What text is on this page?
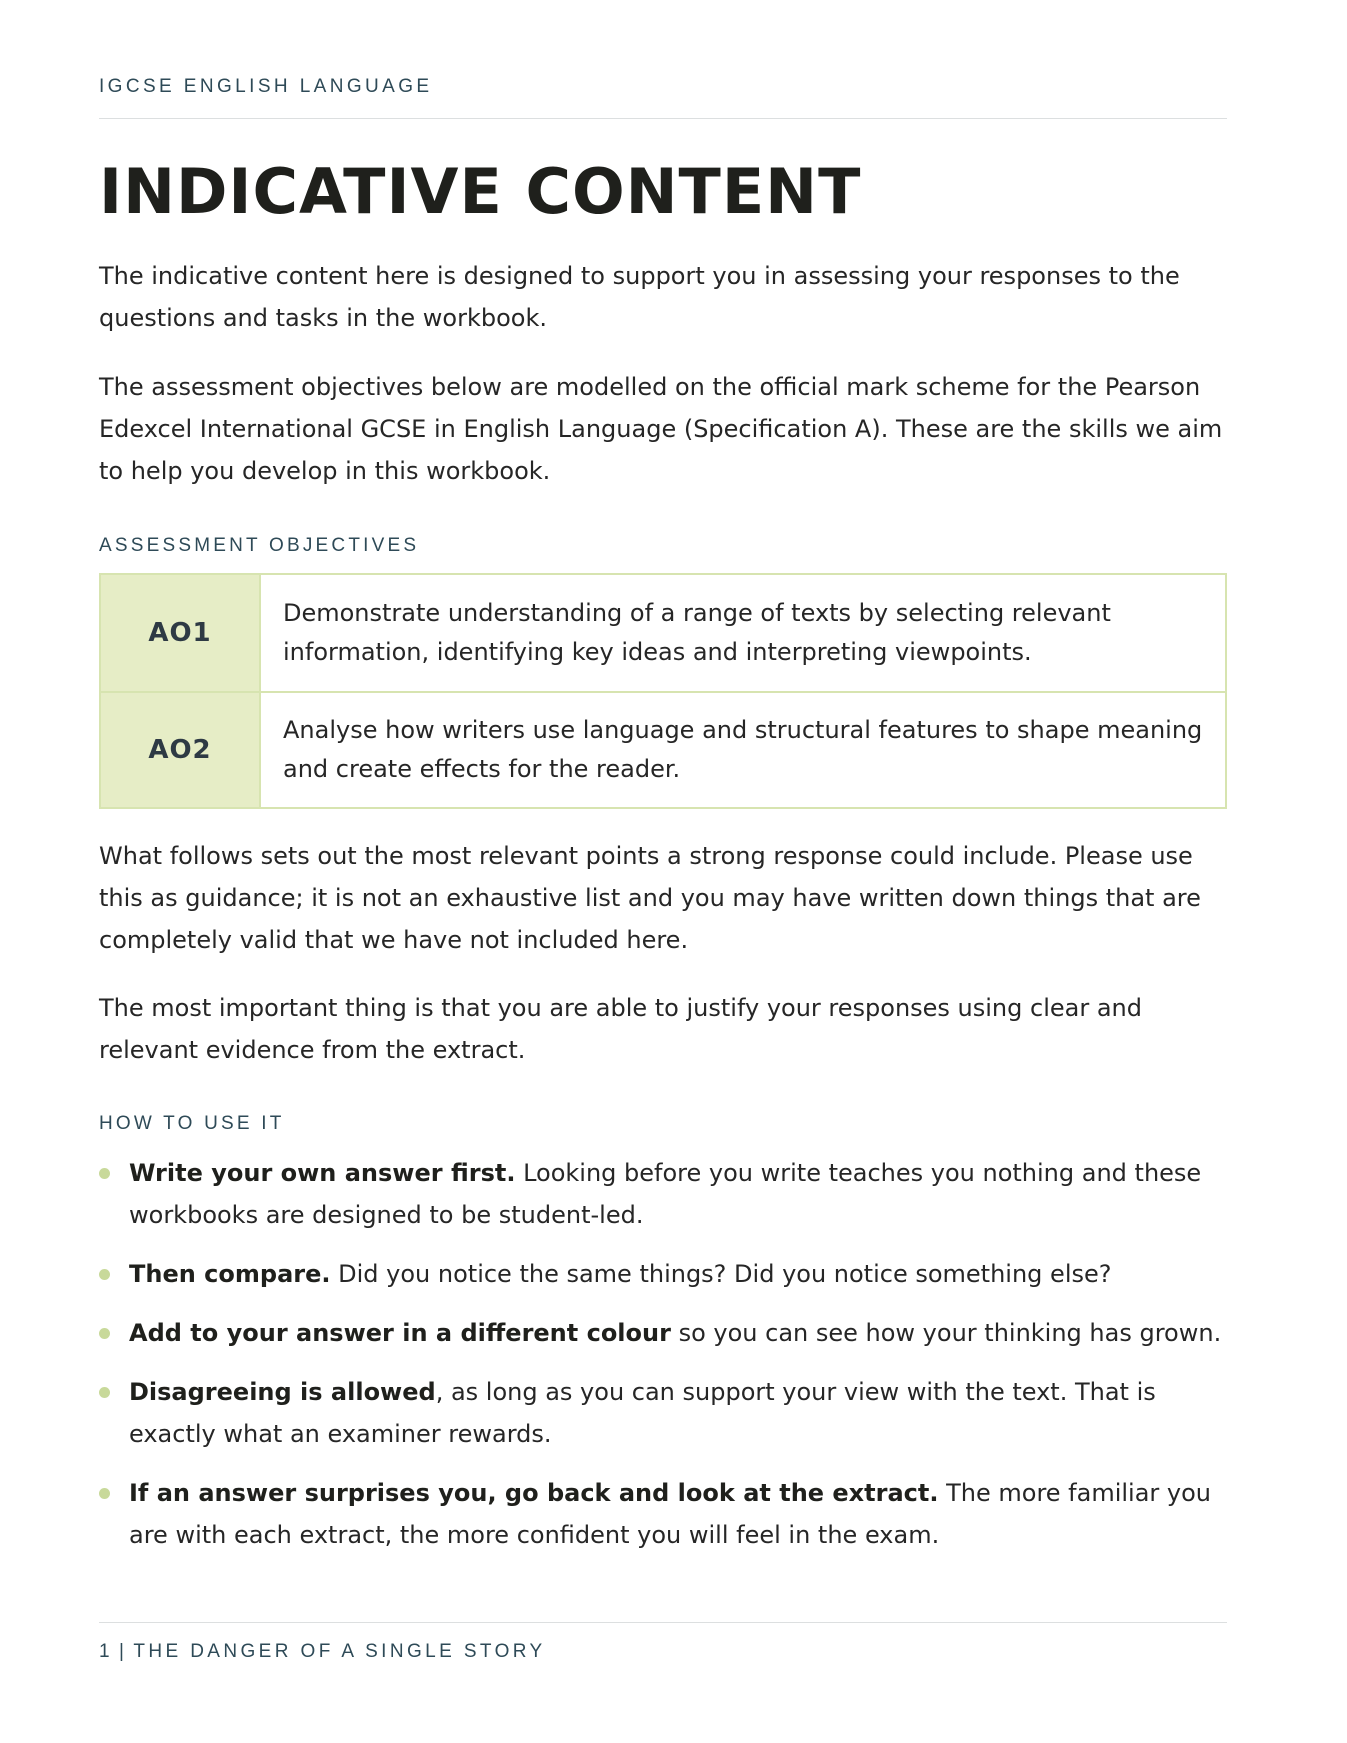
IGCSE ENGLISH LANGUAGE
INDICATIVE CONTENT

The indicative content here is designed to support you in assessing your responses to the questions and tasks in the workbook.

The assessment objectives below are modelled on the official mark scheme for the Pearson Edexcel International GCSE in English Language (Specification A). These are the skills we aim to help you develop in this workbook.

ASSESSMENT OBJECTIVES
AO1
Demonstrate understanding of a range of texts by selecting relevant information, identifying key ideas and interpreting viewpoints.
AO2
Analyse how writers use language and structural features to shape meaning and create effects for the reader.

What follows sets out the most relevant points a strong response could include. Please use this as guidance; it is not an exhaustive list and you may have written down things that are completely valid that we have not included here.

The most important thing is that you are able to justify your responses using clear and relevant evidence from the extract.

HOW TO USE IT
Write your own answer first. Looking before you write teaches you nothing and these workbooks are designed to be student-led.
Then compare. Did you notice the same things? Did you notice something else?
Add to your answer in a different colour so you can see how your thinking has grown.
Disagreeing is allowed, as long as you can support your view with the text. That is exactly what an examiner rewards.
If an answer surprises you, go back and look at the extract. The more familiar you are with each extract, the more confident you will feel in the exam.
1 | THE DANGER OF A SINGLE STORY
